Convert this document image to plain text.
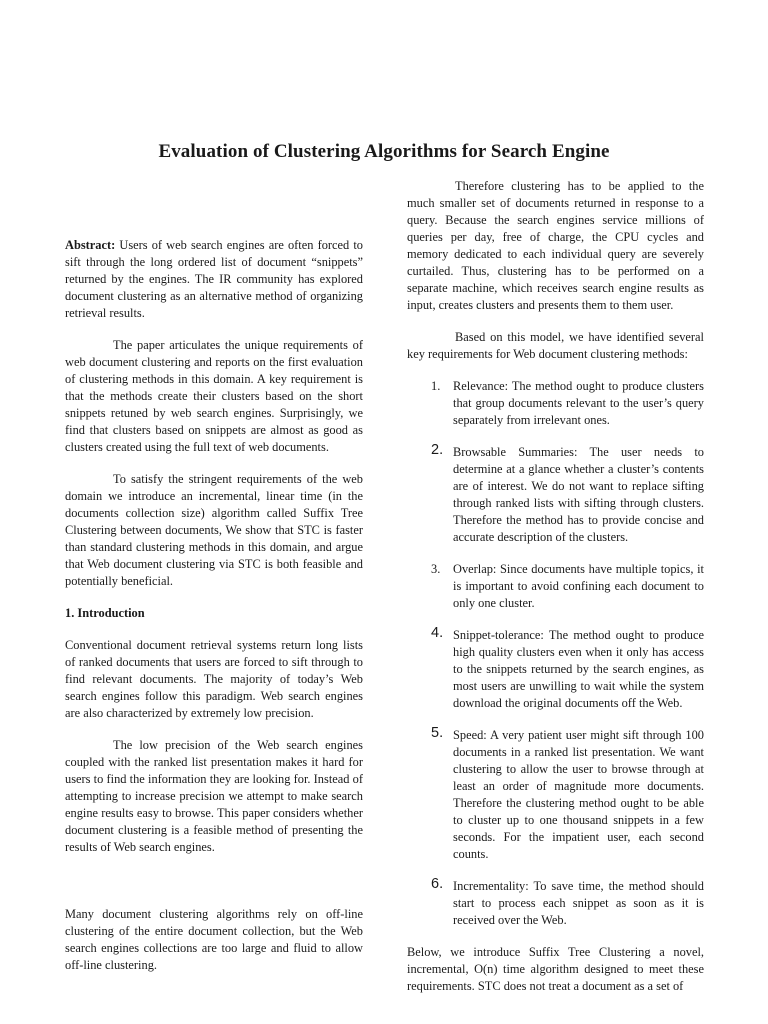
Evaluation of Clustering Algorithms for Search Engine

Abstract: Users of web search engines are often forced to sift through the long ordered list of document “snippets” returned by the engines. The IR community has explored document clustering as an alternative method of organizing retrieval results.

The paper articulates the unique requirements of web document clustering and reports on the first evaluation of clustering methods in this domain. A key requirement is that the methods create their clusters based on the short snippets retuned by web search engines. Surprisingly, we find that clusters based on snippets are almost as good as clusters created using the full text of web documents.

To satisfy the stringent requirements of the web domain we introduce an incremental, linear time (in the documents collection size) algorithm called Suffix Tree Clustering between documents, We show that STC is faster than standard clustering methods in this domain, and argue that Web document clustering via STC is both feasible and potentially beneficial.

1. Introduction

Conventional document retrieval systems return long lists of ranked documents that users are forced to sift through to find relevant documents. The majority of today’s Web search engines follow this paradigm. Web search engines are also characterized by extremely low precision.

The low precision of the Web search engines coupled with the ranked list presentation makes it hard for users to find the information they are looking for. Instead of attempting to increase precision we attempt to make search engine results easy to browse. This paper considers whether document clustering is a feasible method of presenting the results of Web search engines.

Many document clustering algorithms rely on off-line clustering of the entire document collection, but the Web search engines collections are too large and fluid to allow off-line clustering.

Therefore clustering has to be applied to the much smaller set of documents returned in response to a query. Because the search engines service millions of queries per day, free of charge, the CPU cycles and memory dedicated to each individual query are severely curtailed. Thus, clustering has to be performed on a separate machine, which receives search engine results as input, creates clusters and presents them to them user.

Based on this model, we have identified several key requirements for Web document clustering methods:

1. Relevance: The method ought to produce clusters that group documents relevant to the user’s query separately from irrelevant ones.
2. Browsable Summaries: The user needs to determine at a glance whether a cluster’s contents are of interest. We do not want to replace sifting through ranked lists with sifting through clusters. Therefore the method has to provide concise and accurate description of the clusters.
3. Overlap: Since documents have multiple topics, it is important to avoid confining each document to only one cluster.
4. Snippet-tolerance: The method ought to produce high quality clusters even when it only has access to the snippets returned by the search engines, as most users are unwilling to wait while the system download the original documents off the Web.
5. Speed: A very patient user might sift through 100 documents in a ranked list presentation. We want clustering to allow the user to browse through at least an order of magnitude more documents. Therefore the clustering method ought to be able to cluster up to one thousand snippets in a few seconds. For the impatient user, each second counts.
6. Incrementality: To save time, the method should start to process each snippet as soon as it is received over the Web.

Below, we introduce Suffix Tree Clustering a novel, incremental, O(n) time algorithm designed to meet these requirements. STC does not treat a document as a set of
